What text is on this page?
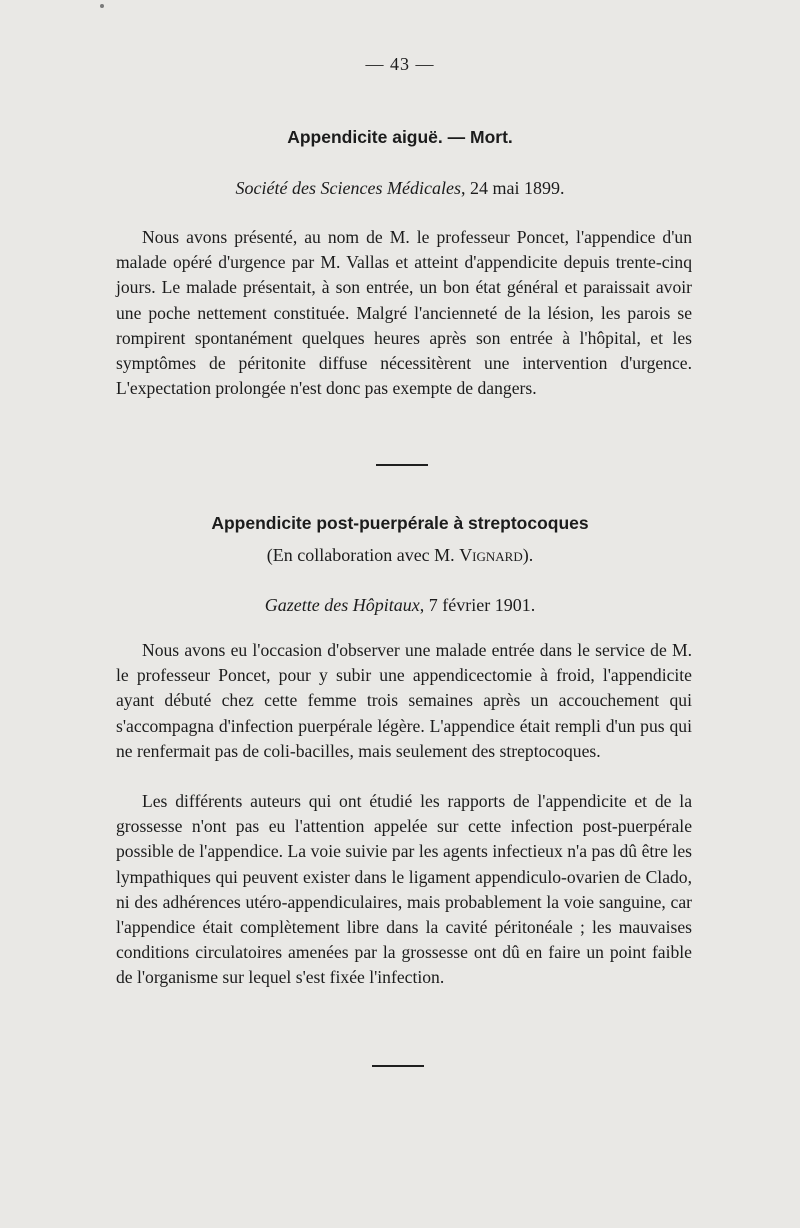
— 43 —
Appendicite aiguë. — Mort.
Société des Sciences Médicales, 24 mai 1899.
Nous avons présenté, au nom de M. le professeur Poncet, l'appendice d'un malade opéré d'urgence par M. Vallas et atteint d'appendicite depuis trente-cinq jours. Le malade présentait, à son entrée, un bon état général et paraissait avoir une poche nettement constituée. Malgré l'ancienneté de la lésion, les parois se rompirent spontanément quelques heures après son entrée à l'hôpital, et les symptômes de péritonite diffuse nécessitèrent une intervention d'urgence. L'expectation prolongée n'est donc pas exempte de dangers.
Appendicite post-puerpérale à streptocoques
(En collaboration avec M. Vignard).
Gazette des Hôpitaux, 7 février 1901.
Nous avons eu l'occasion d'observer une malade entrée dans le service de M. le professeur Poncet, pour y subir une appendicectomie à froid, l'appendicite ayant débuté chez cette femme trois semaines après un accouchement qui s'accompagna d'infection puerpérale légère. L'appendice était rempli d'un pus qui ne renfermait pas de coli-bacilles, mais seulement des streptocoques.
Les différents auteurs qui ont étudié les rapports de l'appendicite et de la grossesse n'ont pas eu l'attention appelée sur cette infection post-puerpérale possible de l'appendice. La voie suivie par les agents infectieux n'a pas dû être les lympathiques qui peuvent exister dans le ligament appendiculo-ovarien de Clado, ni des adhérences utéro-appendiculaires, mais probablement la voie sanguine, car l'appendice était complètement libre dans la cavité péritonéale ; les mauvaises conditions circulatoires amenées par la grossesse ont dû en faire un point faible de l'organisme sur lequel s'est fixée l'infection.
